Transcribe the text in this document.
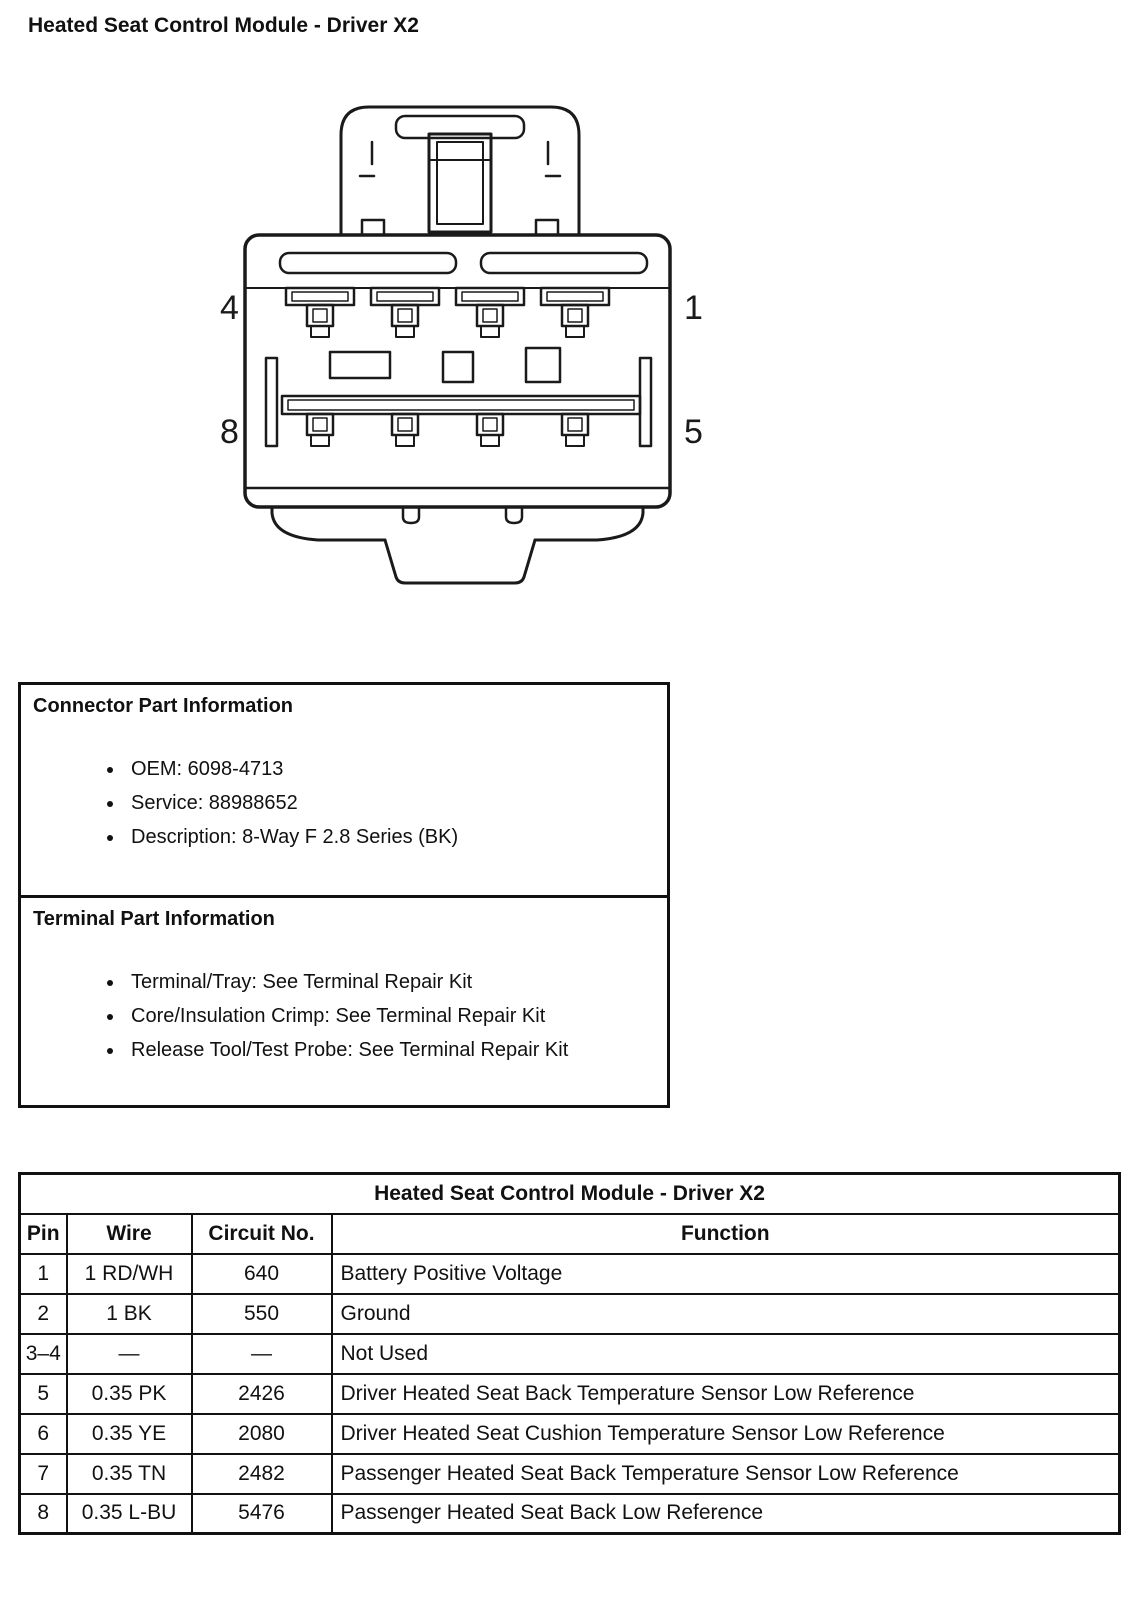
Heated Seat Control Module - Driver X2
4	1
8	5
Connector Part Information
• OEM: 6098-4713
• Service: 88988652
• Description: 8-Way F 2.8 Series (BK)
Terminal Part Information
• Terminal/Tray: See Terminal Repair Kit
• Core/Insulation Crimp: See Terminal Repair Kit
• Release Tool/Test Probe: See Terminal Repair Kit
Heated Seat Control Module - Driver X2			
Pin	Wire	Circuit No.	Function
1	1 RD/WH	640	Battery Positive Voltage
2	1 BK	550	Ground
3–4	—	—	Not Used
5	0.35 PK	2426	Driver Heated Seat Back Temperature Sensor Low Reference
6	0.35 YE	2080	Driver Heated Seat Cushion Temperature Sensor Low Reference
7	0.35 TN	2482	Passenger Heated Seat Back Temperature Sensor Low Reference
8	0.35 L-BU	5476	Passenger Heated Seat Back Low Reference
